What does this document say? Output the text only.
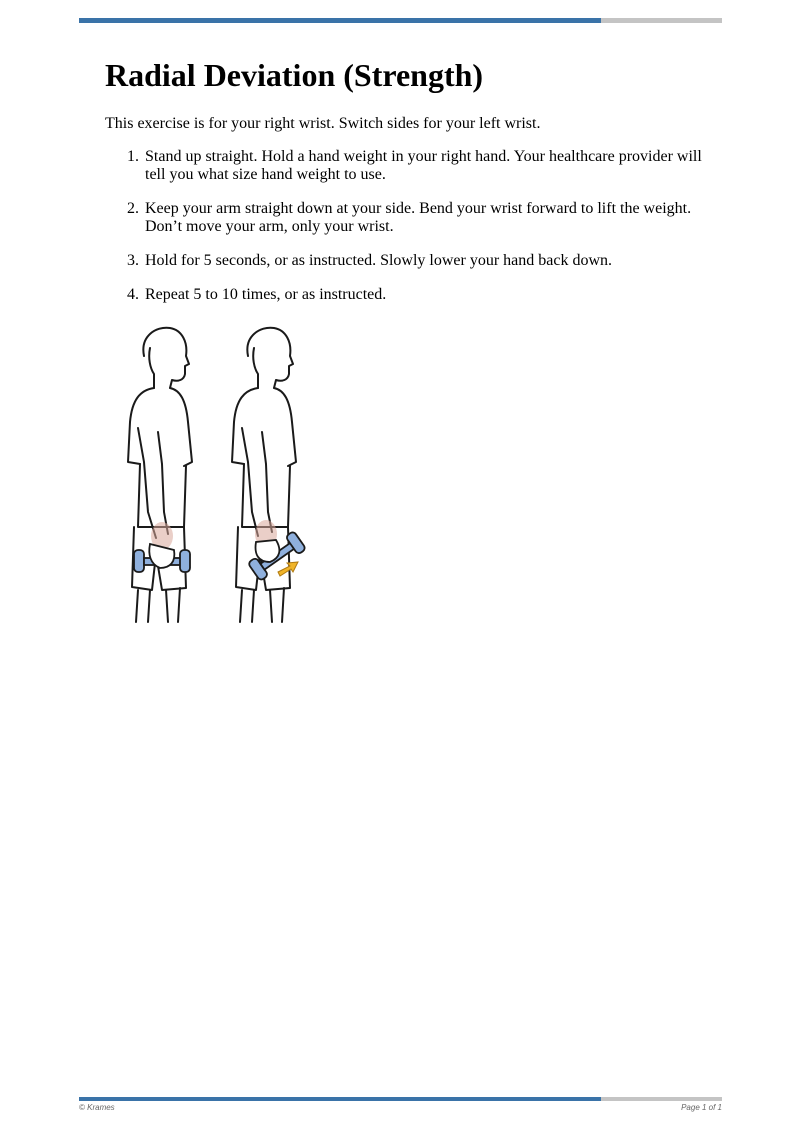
Radial Deviation (Strength)

This exercise is for your right wrist. Switch sides for your left wrist.

1. Stand up straight. Hold a hand weight in your right hand. Your healthcare provider will tell you what size hand weight to use.
2. Keep your arm straight down at your side. Bend your wrist forward to lift the weight. Don’t move your arm, only your wrist.
3. Hold for 5 seconds, or as instructed. Slowly lower your hand back down.
4. Repeat 5 to 10 times, or as instructed.
© Krames	Page 1 of 1
